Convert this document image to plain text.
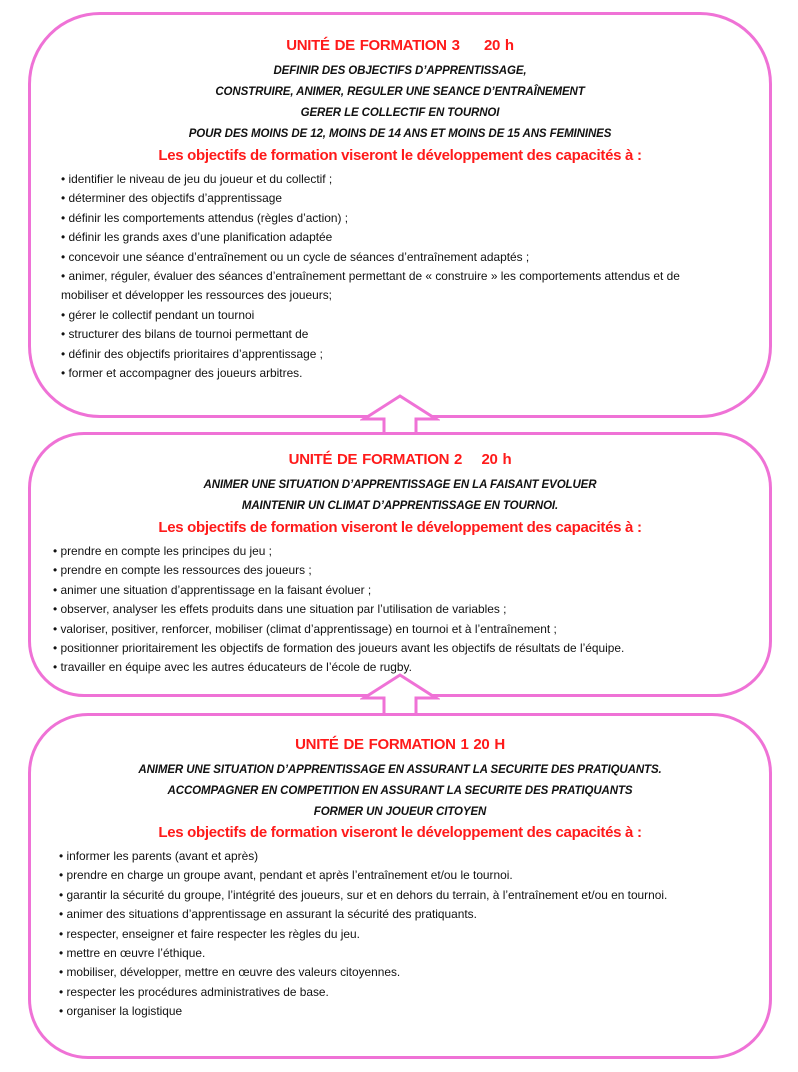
UNITÉ DE FORMATION 3     20 h
DEFINIR DES OBJECTIFS D’APPRENTISSAGE,
CONSTRUIRE, ANIMER, REGULER UNE SEANCE D’ENTRAÎNEMENT
GERER LE COLLECTIF EN TOURNOI
POUR DES MOINS DE 12, MOINS DE 14 ANS ET MOINS DE 15 ANS FEMININES
Les objectifs de formation viseront le développement des capacités à :
• identifier le niveau de jeu du joueur et du collectif ;
• déterminer des objectifs d’apprentissage
• définir les comportements attendus (règles d’action) ;
• définir les grands axes d’une planification adaptée
• concevoir une séance d’entraînement ou un cycle de séances d’entraînement adaptés ;
• animer, réguler, évaluer des séances d’entraînement permettant de « construire » les comportements attendus et de mobiliser et développer les ressources des joueurs;
• gérer le collectif pendant un tournoi
• structurer des bilans de tournoi permettant de
• définir des objectifs prioritaires d’apprentissage ;
• former et accompagner des joueurs arbitres.
UNITÉ DE FORMATION 2    20 h
ANIMER UNE SITUATION D’APPRENTISSAGE EN LA FAISANT EVOLUER
MAINTENIR UN CLIMAT D’APPRENTISSAGE EN TOURNOI.
Les objectifs de formation viseront le développement des capacités à :
• prendre en compte les principes du jeu ;
• prendre en compte les ressources des joueurs ;
• animer une situation d’apprentissage en la faisant évoluer ;
• observer, analyser les effets produits dans une situation par l’utilisation de variables ;
• valoriser, positiver, renforcer, mobiliser (climat d’apprentissage) en tournoi et à l’entraînement ;
• positionner prioritairement les objectifs de formation des joueurs avant les objectifs de résultats de l’équipe.
• travailler en équipe avec les autres éducateurs de l’école de rugby.
UNITÉ DE FORMATION 1 20 H
ANIMER UNE SITUATION D’APPRENTISSAGE EN ASSURANT LA SECURITE DES PRATIQUANTS.
ACCOMPAGNER EN COMPETITION EN ASSURANT LA SECURITE DES PRATIQUANTS
FORMER UN JOUEUR CITOYEN
Les objectifs de formation viseront le développement des capacités à :
• informer les parents (avant et après)
• prendre en charge un groupe avant, pendant et après l’entraînement et/ou le tournoi.
• garantir la sécurité du groupe, l’intégrité des joueurs, sur et en dehors du terrain, à l’entraînement et/ou en tournoi.
• animer des situations d’apprentissage en assurant la sécurité des pratiquants.
• respecter, enseigner et faire respecter les règles du jeu.
• mettre en œuvre l’éthique.
• mobiliser, développer, mettre en œuvre des valeurs citoyennes.
• respecter les procédures administratives de base.
• organiser la logistique
